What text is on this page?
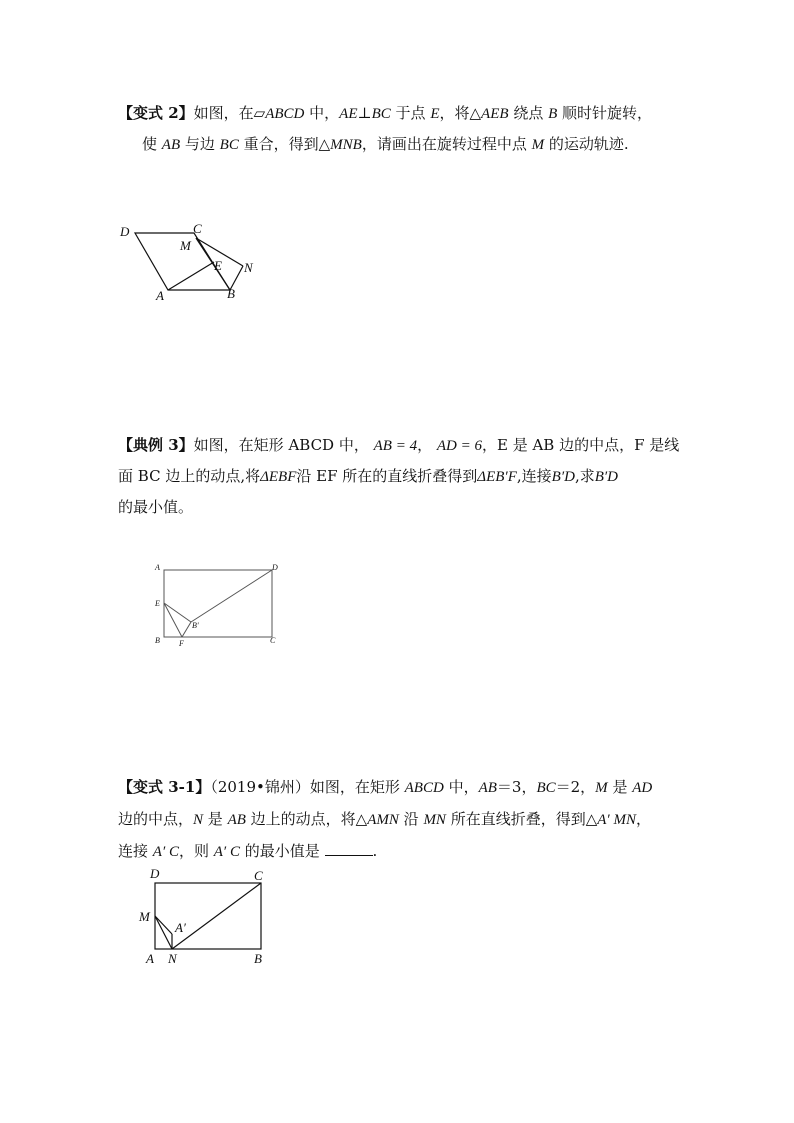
【变式 2】如图，在▱ABCD 中，AE⊥BC 于点 E，将△AEB 绕点 B 顺时针旋转，
使 AB 与边 BC 重合，得到△MNB，请画出在旋转过程中点 M 的运动轨迹.
D	C
M
E N
A	B
A	D
E
B'
B F	C
D	C
M
A′
A N	B
【典例 3】如图，在矩形 ABCD 中， AB = 4， AD = 6，E 是 AB 边的中点，F 是线
面 BC 边上的动点,将ΔEBF沿 EF 所在的直线折叠得到ΔEB′F,连接B′D,求B′D
的最小值。
【变式 3-1】（2019•锦州）如图，在矩形 ABCD 中，AB＝3，BC＝2，M 是 AD
边的中点，N 是 AB 边上的动点，将△AMN 沿 MN 所在直线折叠，得到△A′ MN，
连接 A′ C，则 A′ C 的最小值是	.
